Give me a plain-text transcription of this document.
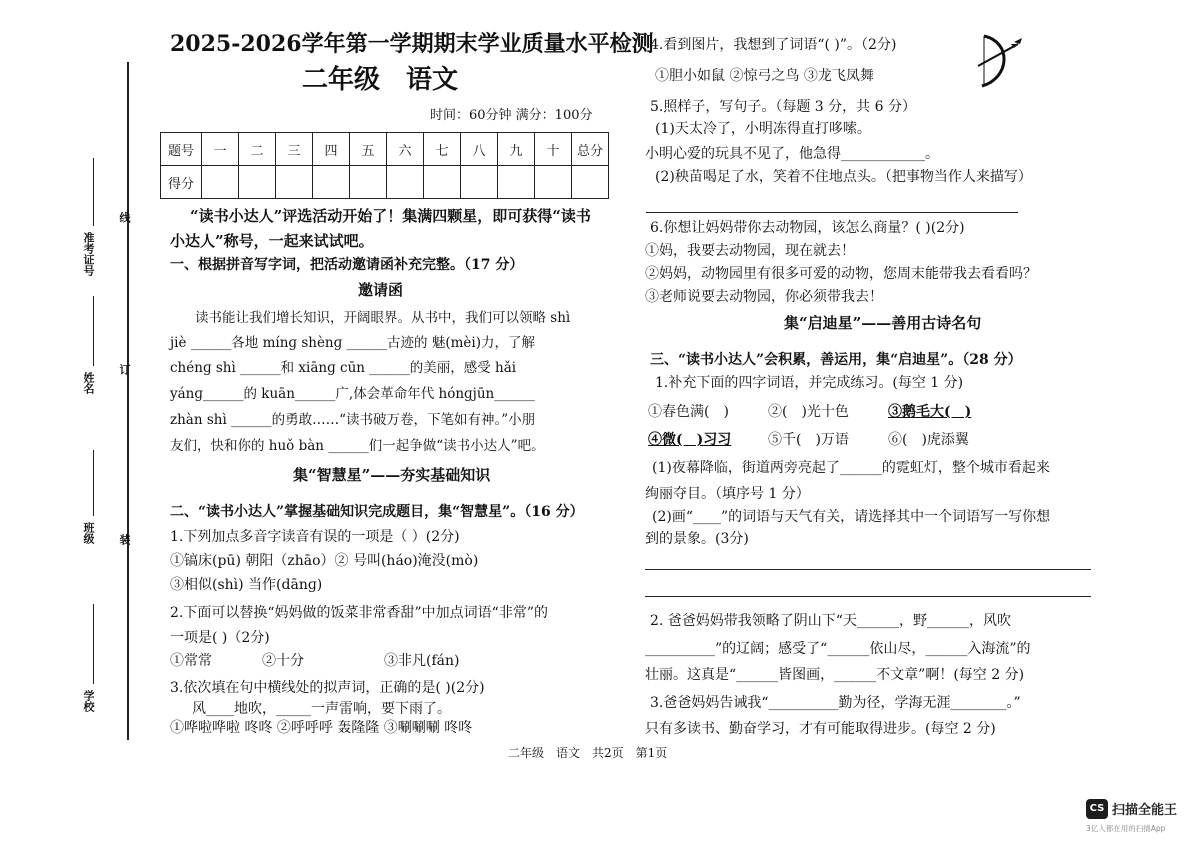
准考证号
线
姓名
订
班级 装
学校
2025-2026学年第一学期期末学业质量水平检测
二年级　语文
时间：60分钟 满分：100分
题号	一	二	三	四	五	六	七	八	九	十	总分
得分											
“读书小达人”评选活动开始了！集满四颗星，即可获得“读书
小达人”称号，一起来试试吧。
一、根据拼音写字词，把活动邀请函补充完整。（17 分）
邀请函
读书能让我们增长知识，开阔眼界。从书中，我们可以领略 shì
jiè ______各地 mínɡ shènɡ ______古迹的 魅(mèi)力，了解
chénɡ shì ______和 xiānɡ cūn ______的美丽，感受 hǎi
yánɡ______的 kuān______广,体会革命年代 hónɡjūn______
zhàn shì ______的勇敢……“读书破万卷，下笔如有神。”小朋
友们，快和你的 huǒ bàn ______们一起争做“读书小达人”吧。
集“智慧星”——夯实基础知识
二、“读书小达人”掌握基础知识完成题目，集“智慧星”。（16 分）
1.下列加点多音字读音有误的一项是（ ）(2分)
①镐床(pū) 朝阳（zhāo）② 号叫(háo)淹没(mò)
③相似(shì) 当作(dānɡ)
2.下面可以替换“妈妈做的饭菜非常香甜”中加点词语“非常”的
一项是( )（2分)
①常常	②十分	③非凡(fán)
3.依次填在句中横线处的拟声词，正确的是( )(2分)
风____地吹，_____一声雷响，要下雨了。
①哗啦哗啦 咚咚 ②呼呼呼 轰隆隆 ③唰唰唰 咚咚
二年级　语文　共2页　第1页
4.看到图片，我想到了词语“( )”。（2分)
①胆小如鼠 ②惊弓之鸟 ③龙飞凤舞
5.照样子，写句子。（每题 3 分，共 6 分）
(1)天太冷了，小明冻得直打哆嗦。
小明心爱的玩具不见了，他急得____________。
(2)秧苗喝足了水，笑着不住地点头。（把事物当作人来描写）
6.你想让妈妈带你去动物园，该怎么商量？( )(2分)
①妈，我要去动物园，现在就去！
②妈妈，动物园里有很多可爱的动物，您周末能带我去看看吗？
③老师说要去动物园，你必须带我去！
集“启迪星”——善用古诗名句
三、“读书小达人”会积累，善运用，集“启迪星”。（28 分）
1.补充下面的四字词语，并完成练习。(每空 1 分)
①春色满(　)	②(　)光十色	③鹅毛大(　)
④微(　)习习	⑤千(　)万语	⑥(　)虎添翼
(1)夜幕降临，街道两旁亮起了______的霓虹灯，整个城市看起来
绚丽夺目。（填序号 1 分）
(2)画“____”的词语与天气有关，请选择其中一个词语写一写你想
到的景象。(3分)
2. 爸爸妈妈带我领略了阴山下“天______，野______，风吹
__________”的辽阔；感受了“______依山尽，______入海流”的
壮丽。这真是“______皆图画，______不文章”啊！(每空 2 分)
3.爸爸妈妈告诫我“__________勤为径，学海无涯________。”
只有多读书、勤奋学习，才有可能取得进步。(每空 2 分)
CS 扫描全能王
3亿人都在用的扫描App
